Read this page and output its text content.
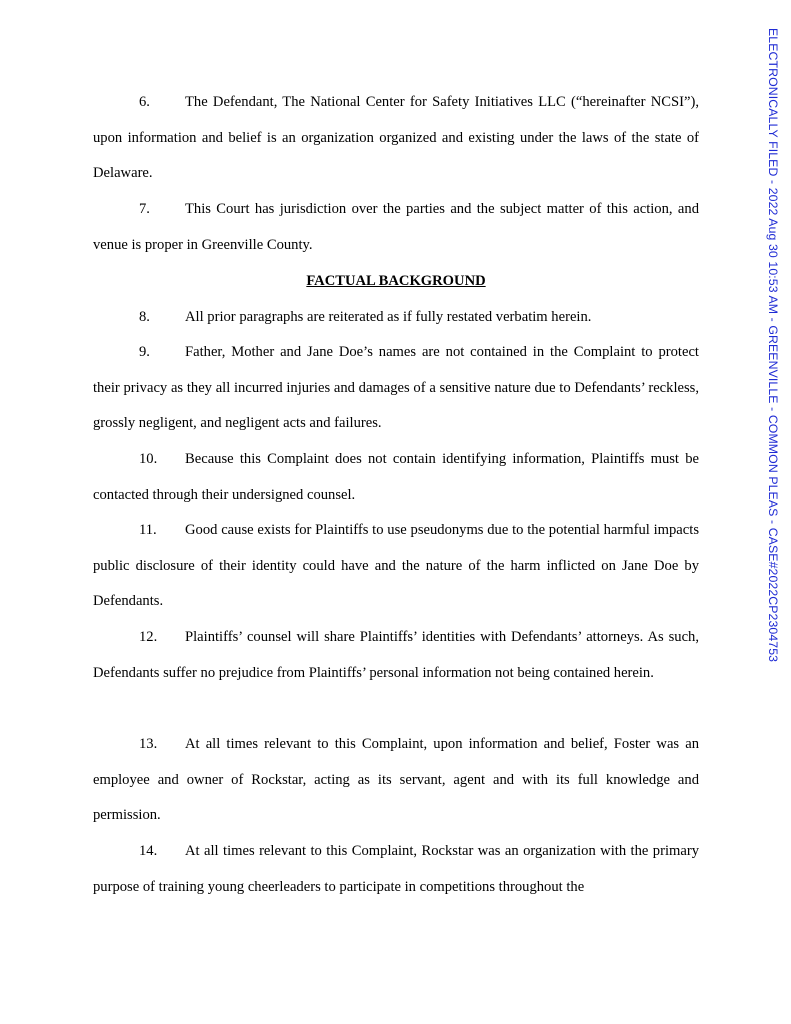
6. The Defendant, The National Center for Safety Initiatives LLC (“hereinafter NCSI”), upon information and belief is an organization organized and existing under the laws of the state of Delaware.

7. This Court has jurisdiction over the parties and the subject matter of this action, and venue is proper in Greenville County.

FACTUAL BACKGROUND

8. All prior paragraphs are reiterated as if fully restated verbatim herein.

9. Father, Mother and Jane Doe’s names are not contained in the Complaint to protect their privacy as they all incurred injuries and damages of a sensitive nature due to Defendants’ reckless, grossly negligent, and negligent acts and failures.

10. Because this Complaint does not contain identifying information, Plaintiffs must be contacted through their undersigned counsel.

11. Good cause exists for Plaintiffs to use pseudonyms due to the potential harmful impacts public disclosure of their identity could have and the nature of the harm inflicted on Jane Doe by Defendants.

12. Plaintiffs’ counsel will share Plaintiffs’ identities with Defendants’ attorneys. As such, Defendants suffer no prejudice from Plaintiffs’ personal information not being contained herein.

13. At all times relevant to this Complaint, upon information and belief, Foster was an employee and owner of Rockstar, acting as its servant, agent and with its full knowledge and permission.

14. At all times relevant to this Complaint, Rockstar was an organization with the primary purpose of training young cheerleaders to participate in competitions throughout the

ELECTRONICALLY FILED - 2022 Aug 30 10:53 AM - GREENVILLE - COMMON PLEAS - CASE#2022CP2304753
